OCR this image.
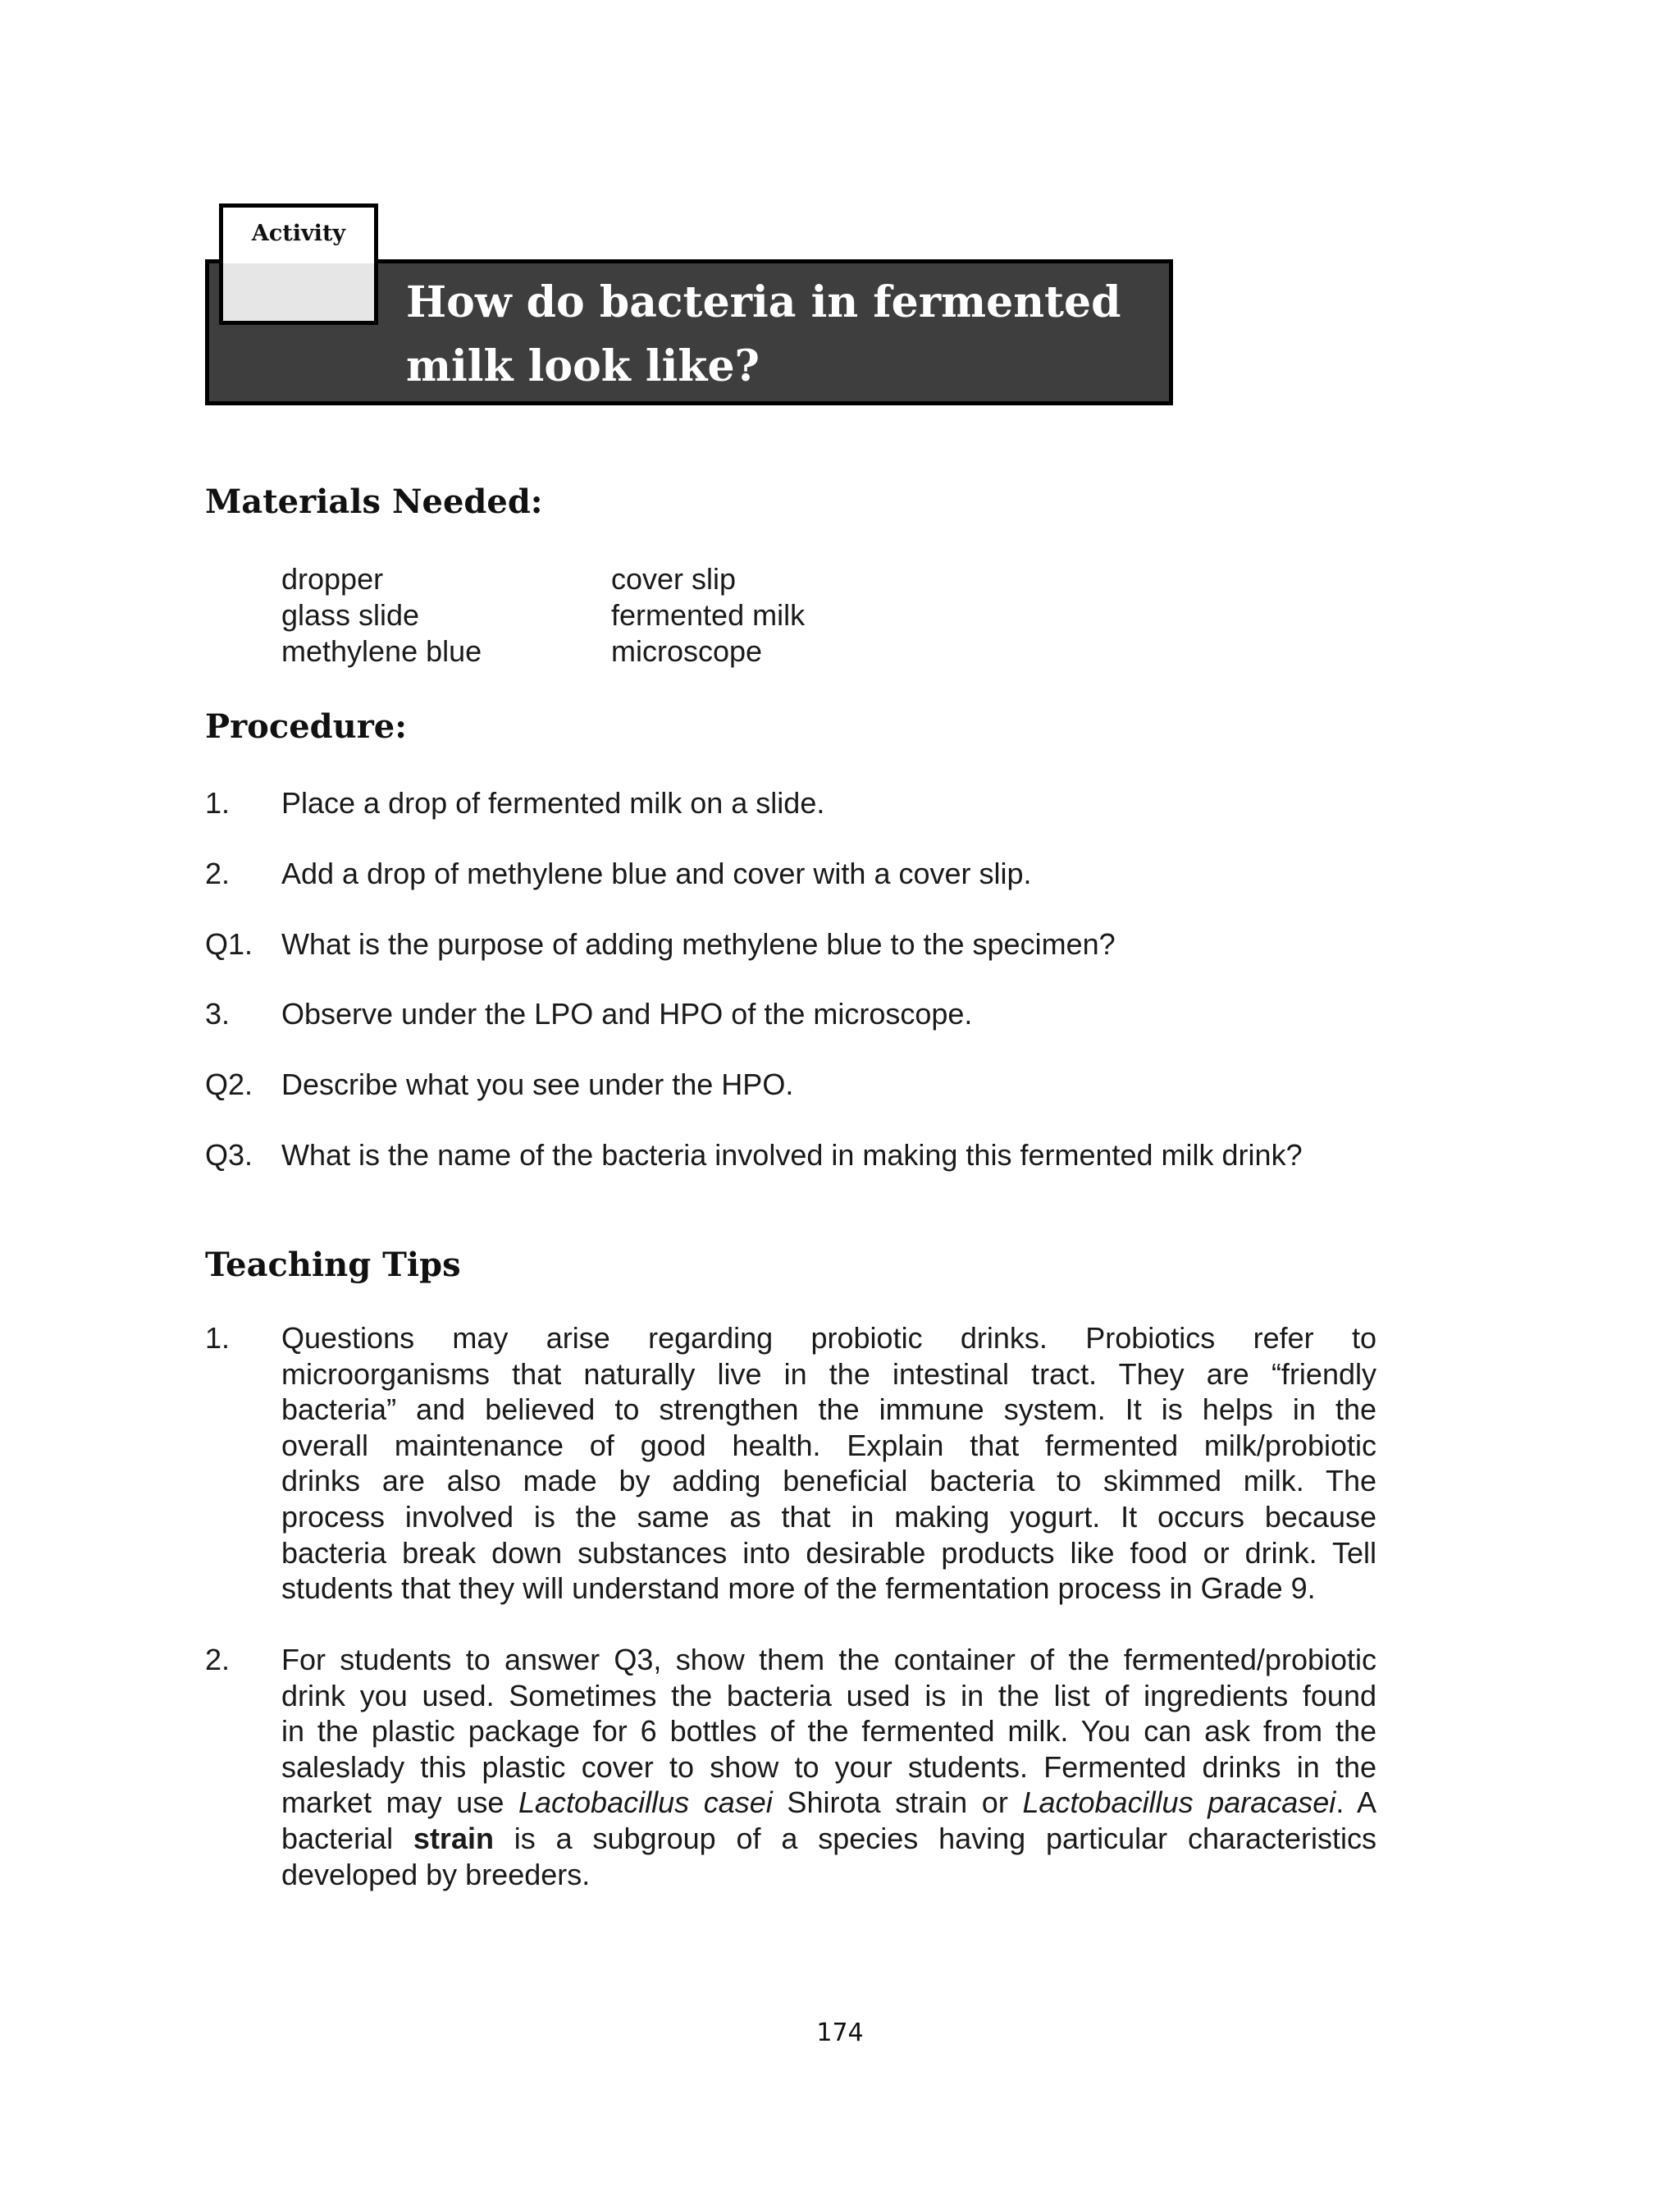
How do bacteria in fermented
milk look like?
Activity
Materials Needed:
dropper
glass slide
methylene blue
cover slip
fermented milk
microscope
Procedure:
1. Place a drop of fermented milk on a slide.
2. Add a drop of methylene blue and cover with a cover slip.
Q1. What is the purpose of adding methylene blue to the specimen?
3. Observe under the LPO and HPO of the microscope.
Q2. Describe what you see under the HPO.
Q3. What is the name of the bacteria involved in making this fermented milk drink?
Teaching Tips
1. Questions may arise regarding probiotic drinks. Probiotics refer to
microorganisms that naturally live in the intestinal tract. They are “friendly
bacteria” and believed to strengthen the immune system. It is helps in the
overall maintenance of good health. Explain that fermented milk/probiotic
drinks are also made by adding beneficial bacteria to skimmed milk. The
process involved is the same as that in making yogurt. It occurs because
bacteria break down substances into desirable products like food or drink. Tell
students that they will understand more of the fermentation process in Grade 9.
2. For students to answer Q3, show them the container of the fermented/probiotic
drink you used. Sometimes the bacteria used is in the list of ingredients found
in the plastic package for 6 bottles of the fermented milk. You can ask from the
saleslady this plastic cover to show to your students. Fermented drinks in the
market may use Lactobacillus casei Shirota strain or Lactobacillus paracasei. A
bacterial strain is a subgroup of a species having particular characteristics
developed by breeders.
174
